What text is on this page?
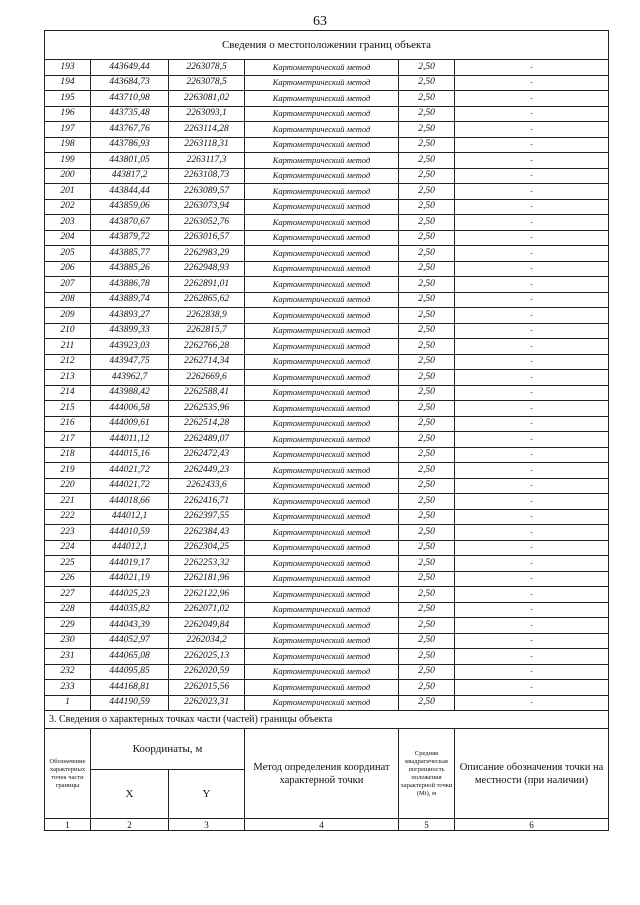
63
Сведения о местоположении границ объекта					
193	443649,44	2263078,5	Картометрический метод	2,50	-
194	443684,73	2263078,5	Картометрический метод	2,50	-
195	443710,98	2263081,02	Картометрический метод	2,50	-
196	443735,48	2263093,1	Картометрический метод	2,50	-
197	443767,76	2263114,28	Картометрический метод	2,50	-
198	443786,93	2263118,31	Картометрический метод	2,50	-
199	443801,05	2263117,3	Картометрический метод	2,50	-
200	443817,2	2263108,73	Картометрический метод	2,50	-
201	443844,44	2263089,57	Картометрический метод	2,50	-
202	443859,06	2263073,94	Картометрический метод	2,50	-
203	443870,67	2263052,76	Картометрический метод	2,50	-
204	443879,72	2263016,57	Картометрический метод	2,50	-
205	443885,77	2262983,29	Картометрический метод	2,50	-
206	443885,26	2262948,93	Картометрический метод	2,50	-
207	443886,78	2262891,01	Картометрический метод	2,50	-
208	443889,74	2262865,62	Картометрический метод	2,50	-
209	443893,27	2262838,9	Картометрический метод	2,50	-
210	443899,33	2262815,7	Картометрический метод	2,50	-
211	443923,03	2262766,28	Картометрический метод	2,50	-
212	443947,75	2262714,34	Картометрический метод	2,50	-
213	443962,7	2262669,6	Картометрический метод	2,50	-
214	443988,42	2262588,41	Картометрический метод	2,50	-
215	444006,58	2262535,96	Картометрический метод	2,50	-
216	444009,61	2262514,28	Картометрический метод	2,50	-
217	444011,12	2262489,07	Картометрический метод	2,50	-
218	444015,16	2262472,43	Картометрический метод	2,50	-
219	444021,72	2262449,23	Картометрический метод	2,50	-
220	444021,72	2262433,6	Картометрический метод	2,50	-
221	444018,66	2262416,71	Картометрический метод	2,50	-
222	444012,1	2262397,55	Картометрический метод	2,50	-
223	444010,59	2262384,43	Картометрический метод	2,50	-
224	444012,1	2262304,25	Картометрический метод	2,50	-
225	444019,17	2262253,32	Картометрический метод	2,50	-
226	444021,19	2262181,96	Картометрический метод	2,50	-
227	444025,23	2262122,96	Картометрический метод	2,50	-
228	444035,82	2262071,02	Картометрический метод	2,50	-
229	444043,39	2262049,84	Картометрический метод	2,50	-
230	444052,97	2262034,2	Картометрический метод	2,50	-
231	444065,08	2262025,13	Картометрический метод	2,50	-
232	444095,85	2262020,59	Картометрический метод	2,50	-
233	444168,81	2262015,56	Картометрический метод	2,50	-
1	444190,59	2262023,31	Картометрический метод	2,50	-
3. Сведения о характерных точках части (частей) границы объекта					
Обозначение характерных точек части границы	Координаты, м		Метод определения координат характерной точки	Средняя квадратическая погрешность положения характерной точки (Мt), м	Описание обозначения точки на местности (при наличии)
	X	Y			
1	2	3	4	5	6
